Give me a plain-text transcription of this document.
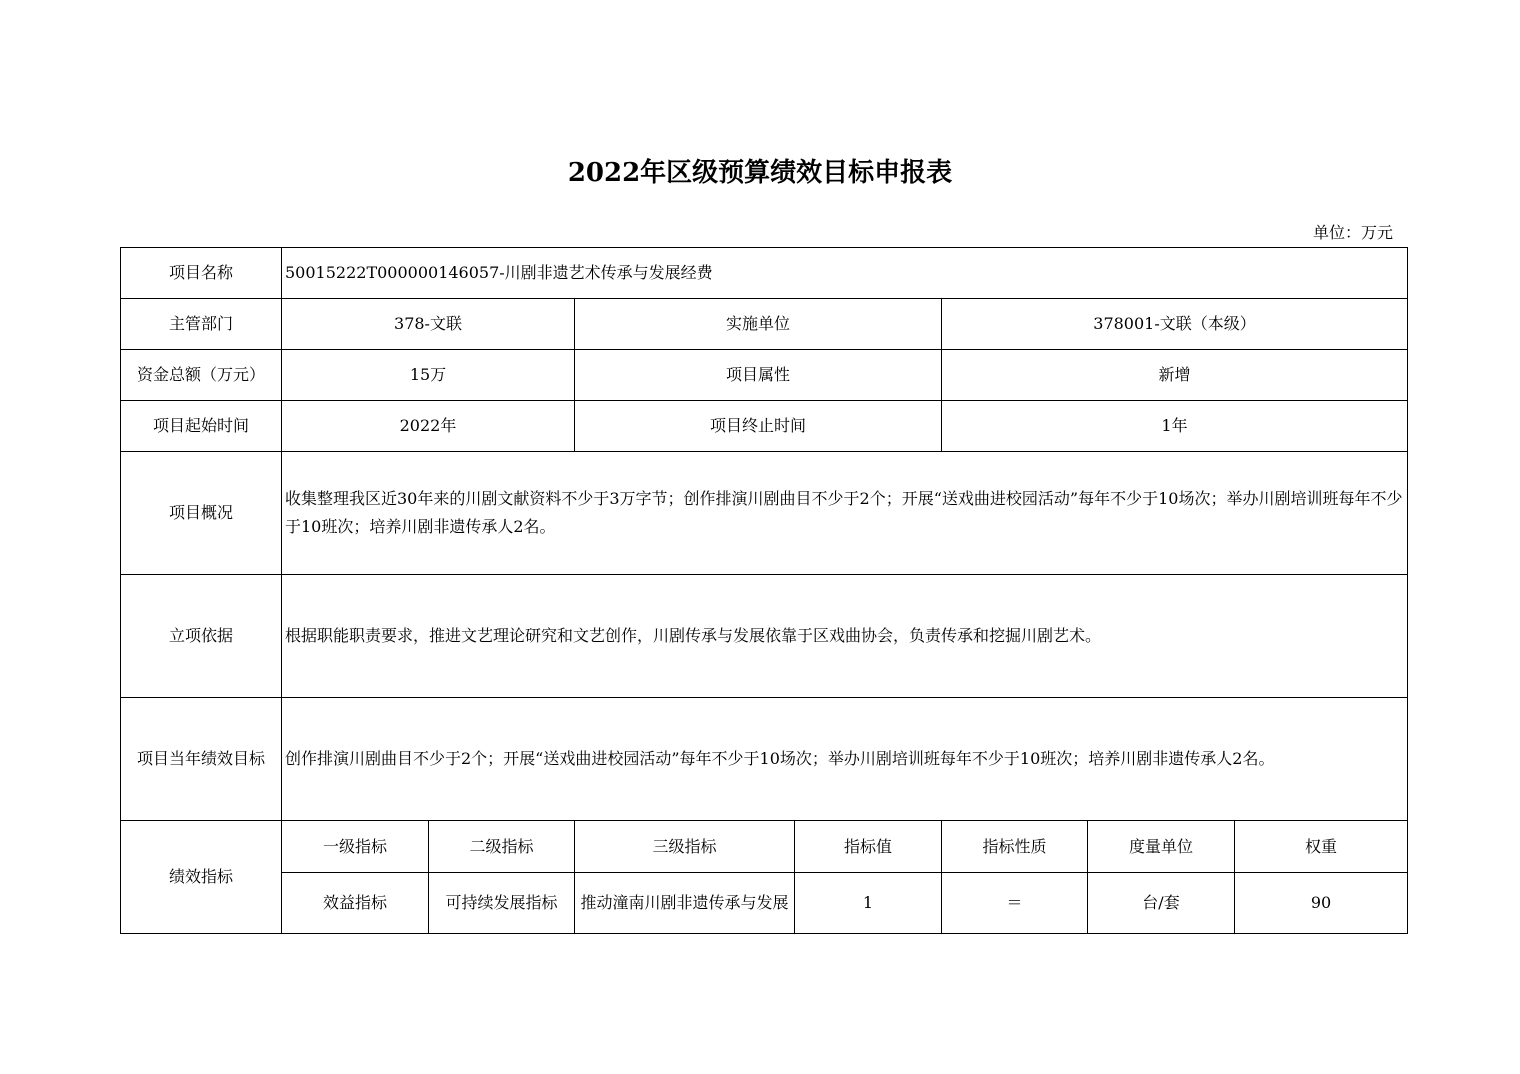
2022年区级预算绩效目标申报表
单位：万元
项目名称	50015222T000000146057-川剧非遗艺术传承与发展经费						
主管部门	378-文联		实施单位		378001-文联（本级）		
资金总额（万元）	15万		项目属性		新增		
项目起始时间	2022年		项目终止时间		1年		
项目概况	收集整理我区近30年来的川剧文献资料不少于3万字节；创作排演川剧曲目不少于2个；开展“送戏曲进校园活动”每年不少于10场次；举办川剧培训班每年不少于10班次；培养川剧非遗传承人2名。						
立项依据	根据职能职责要求，推进文艺理论研究和文艺创作，川剧传承与发展依靠于区戏曲协会，负责传承和挖掘川剧艺术。						
项目当年绩效目标	创作排演川剧曲目不少于2个；开展“送戏曲进校园活动”每年不少于10场次；举办川剧培训班每年不少于10班次；培养川剧非遗传承人2名。						
绩效指标	一级指标	二级指标	三级指标	指标值	指标性质	度量单位	权重
	效益指标	可持续发展指标	推动潼南川剧非遗传承与发展	1	＝	台/套	90
